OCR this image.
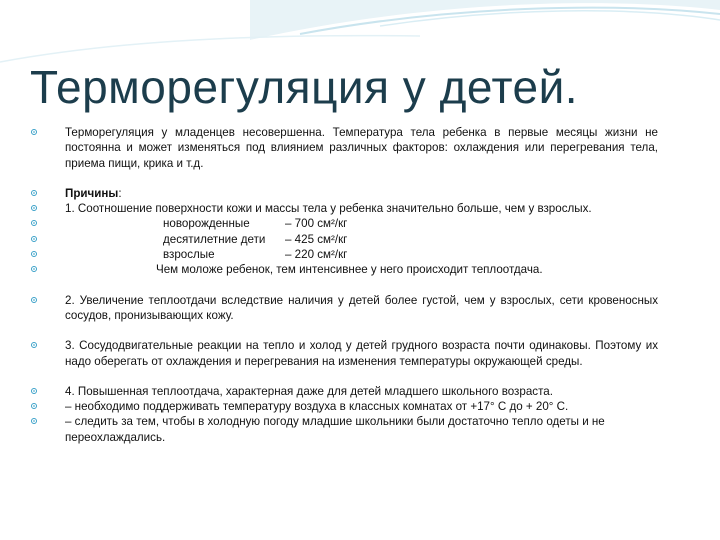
Терморегуляция у детей.
Терморегуляция у младенцев несовершенна. Температура тела ребенка в первые месяцы жизни не постоянна и может изменяться под влиянием различных факторов: охлаждения или перегревания тела, приема пищи, крика и т.д.
Причины:
1. Соотношение поверхности кожи и массы тела у ребенка значительно больше, чем у взрослых.
новорожденные	– 700 см²/кг
десятилетние дети	– 425 см²/кг
взрослые	– 220 см²/кг
Чем моложе ребенок, тем интенсивнее у него происходит теплоотдача.
2. Увеличение теплоотдачи вследствие наличия у детей более густой, чем у взрослых, сети кровеносных сосудов, пронизывающих кожу.
3. Сосудодвигательные реакции на тепло и холод у детей грудного возраста почти одинаковы. Поэтому их надо оберегать от охлаждения и перегревания на изменения температуры окружающей среды.
4. Повышенная теплоотдача, характерная даже для детей младшего школьного возраста.
– необходимо поддерживать температуру воздуха в классных комнатах от +17° С до + 20° С.
– следить за тем, чтобы в холодную погоду младшие школьники были достаточно тепло одеты и не переохлаждались.
